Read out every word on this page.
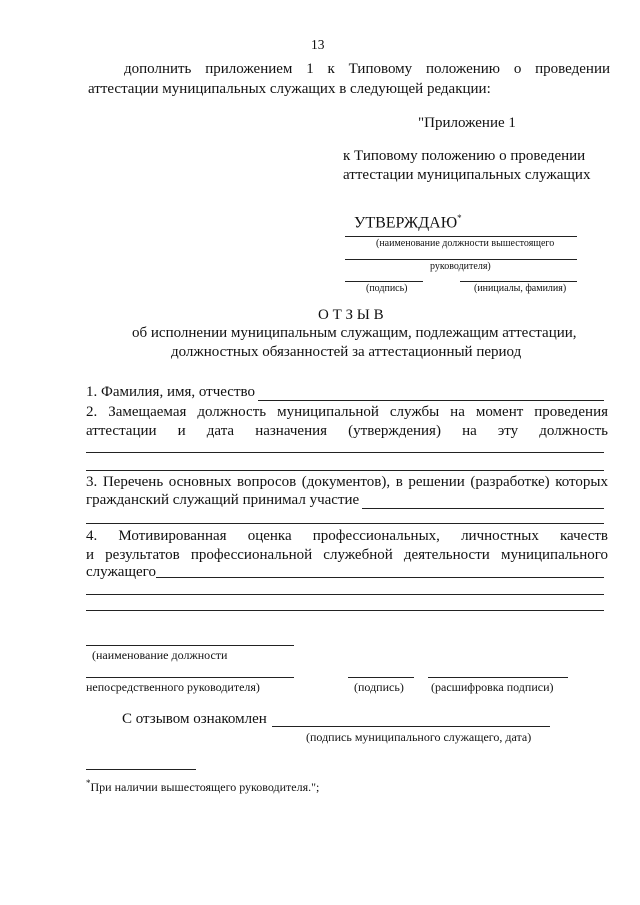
13
дополнить приложением 1 к Типовому положению о проведении
аттестации муниципальных служащих в следующей редакции:
"Приложение 1
к Типовому положению о проведении
аттестации муниципальных служащих
УТВЕРЖДАЮ*
(наименование должности вышестоящего
руководителя)
(подпись)	(инициалы, фамилия)
О Т З Ы В
об исполнении муниципальным служащим, подлежащим аттестации,
должностных обязанностей за аттестационный период
1. Фамилия, имя, отчество
2. Замещаемая должность муниципальной службы на момент проведения
аттестации и дата назначения (утверждения) на эту должность
3. Перечень основных вопросов (документов), в решении (разработке) которых
гражданский служащий принимал участие
4. Мотивированная оценка профессиональных, личностных качеств
и результатов профессиональной служебной деятельности муниципального
служащего
(наименование должности
непосредственного руководителя)	(подпись) (расшифровка подписи)
С отзывом ознакомлен
(подпись муниципального служащего, дата)
*При наличии вышестоящего руководителя.";
